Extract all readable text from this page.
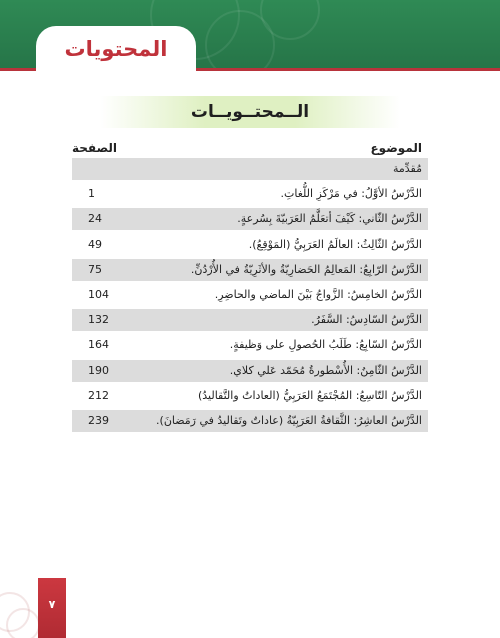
المحتويات
الــمحتــويــات
الموضوع
الصفحة
مُقدِّمة
الدَّرْسُ الأوَّلُ: في مَرْكَزِ اللُّغاتِ.
1
الدَّرْسُ الثّاني: كَيْفَ أتعَلَّمُ العَرَبيّةَ بِسُرعةٍ.
24
الدَّرْسُ الثّالِثُ: العالَمُ العَرَبِيُّ (المَوْقِعُ).
49
الدَّرْسُ الرّابِعُ: المَعالِمُ الحَضارِيّةُ والأثَرِيّةُ في الأُرْدُنِّ.
75
الدَّرْسُ الخامِسُ: الزَّواجُ بَيْنَ الماضي والحاضِرِ.
104
الدَّرْسُ السّادِسُ: السَّفَرُ.
132
الدَّرْسُ السّابِعُ: طَلَبُ الحُصولِ على وَظيفةٍ.
164
الدَّرْسُ الثّامِنُ: الأُسْطورةُ مُحَمّد عَلي كلاي.
190
الدَّرْسُ التّاسِعُ: المُجْتَمَعُ العَرَبِيُّ (العاداتُ والتَّقاليدُ)
212
الدَّرْسُ العاشِرُ: الثَّقافةُ العَرَبِيّةُ (عاداتٌ وتَقاليدُ في رَمَضانَ).
239
٧
